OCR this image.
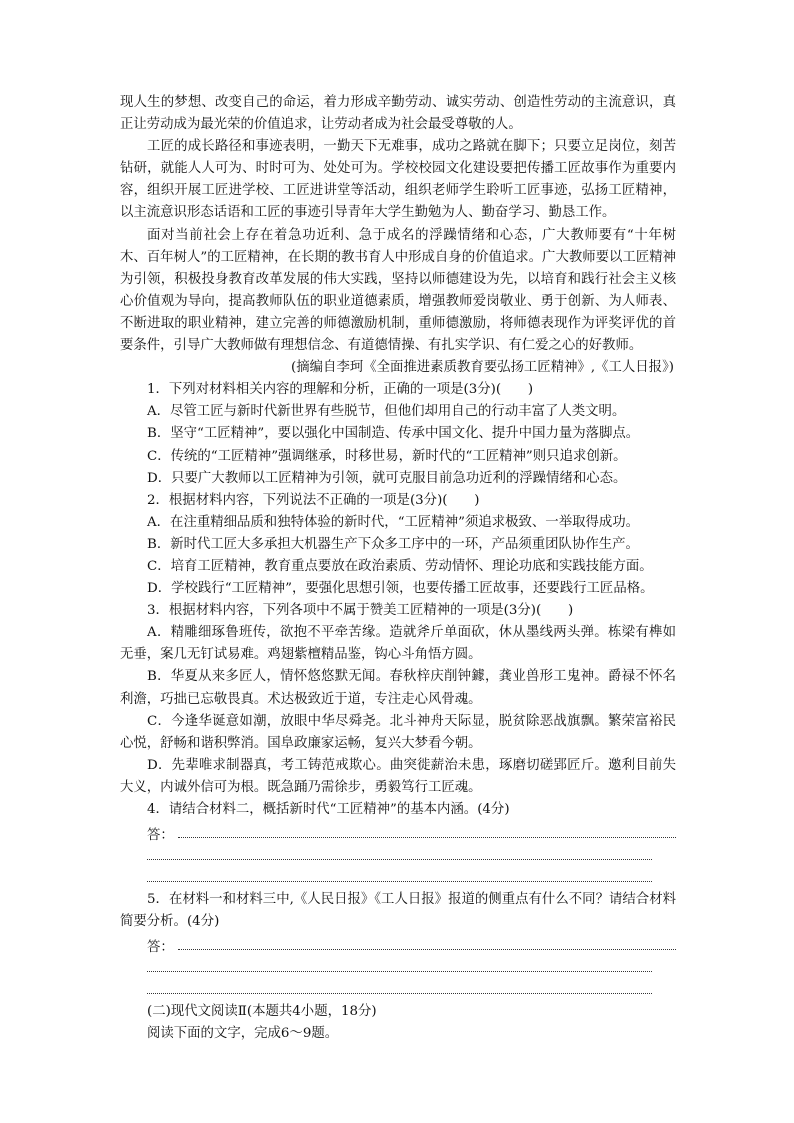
现人生的梦想、改变自己的命运，着力形成辛勤劳动、诚实劳动、创造性劳动的主流意识，真正让劳动成为最光荣的价值追求，让劳动者成为社会最受尊敬的人。

工匠的成长路径和事迹表明，一勤天下无难事，成功之路就在脚下；只要立足岗位，刻苦钻研，就能人人可为、时时可为、处处可为。学校校园文化建设要把传播工匠故事作为重要内容，组织开展工匠进学校、工匠进讲堂等活动，组织老师学生聆听工匠事迹，弘扬工匠精神，以主流意识形态话语和工匠的事迹引导青年大学生勤勉为人、勤奋学习、勤恳工作。

面对当前社会上存在着急功近利、急于成名的浮躁情绪和心态，广大教师要有“十年树木、百年树人”的工匠精神，在长期的教书育人中形成自身的价值追求。广大教师要以工匠精神为引领，积极投身教育改革发展的伟大实践，坚持以师德建设为先，以培育和践行社会主义核心价值观为导向，提高教师队伍的职业道德素质，增强教师爱岗敬业、勇于创新、为人师表、不断进取的职业精神，建立完善的师德激励机制，重师德激励，将师德表现作为评奖评优的首要条件，引导广大教师做有理想信念、有道德情操、有扎实学识、有仁爱之心的好教师。

(摘编自李珂《全面推进素质教育要弘扬工匠精神》,《工人日报》)

1．下列对材料相关内容的理解和分析，正确的一项是(3分)(　　)

A．尽管工匠与新时代新世界有些脱节，但他们却用自己的行动丰富了人类文明。

B．坚守“工匠精神”，要以强化中国制造、传承中国文化、提升中国力量为落脚点。

C．传统的“工匠精神”强调继承，时移世易，新时代的“工匠精神”则只追求创新。

D．只要广大教师以工匠精神为引领，就可克服目前急功近利的浮躁情绪和心态。

2．根据材料内容，下列说法不正确的一项是(3分)(　　)

A．在注重精细品质和独特体验的新时代，“工匠精神”须追求极致、一举取得成功。

B．新时代工匠大多承担大机器生产下众多工序中的一环，产品须重团队协作生产。

C．培育工匠精神，教育重点要放在政治素质、劳动情怀、理论功底和实践技能方面。

D．学校践行“工匠精神”，要强化思想引领，也要传播工匠故事，还要践行工匠品格。

3．根据材料内容，下列各项中不属于赞美工匠精神的一项是(3分)(　　)

A．精雕细琢鲁班传，欲抱不平牵苦缘。造就斧斤单面砍，休从墨线两头弹。栋梁有榫如无垂，案几无钉试易难。鸡翅紫檀精品鉴，钩心斗角悟方圆。

B．华夏从来多匠人，情怀悠悠默无闻。春秋梓庆削钟鐻，龚业兽形工鬼神。爵禄不怀名利澹，巧拙已忘敬畏真。术达极致近于道，专注走心风骨魂。

C．今逢华诞意如潮，放眼中华尽舜尧。北斗神舟天际显，脱贫除恶战旗飘。繁荣富裕民心悦，舒畅和谐积弊消。国阜政廉家运畅，复兴大梦看今朝。

D．先辈唯求制器真，考工铸范戒欺心。曲突徙薪治未患，琢磨切磋郢匠斤。邀利目前失大义，内诚外信可为根。既急踊乃需徐步，勇毅笃行工匠魂。

4．请结合材料二，概括新时代“工匠精神”的基本内涵。(4分)

答：

5．在材料一和材料三中,《人民日报》《工人日报》报道的侧重点有什么不同？请结合材料简要分析。(4分)

答：

(二)现代文阅读Ⅱ(本题共4小题，18分)

阅读下面的文字，完成6～9题。
